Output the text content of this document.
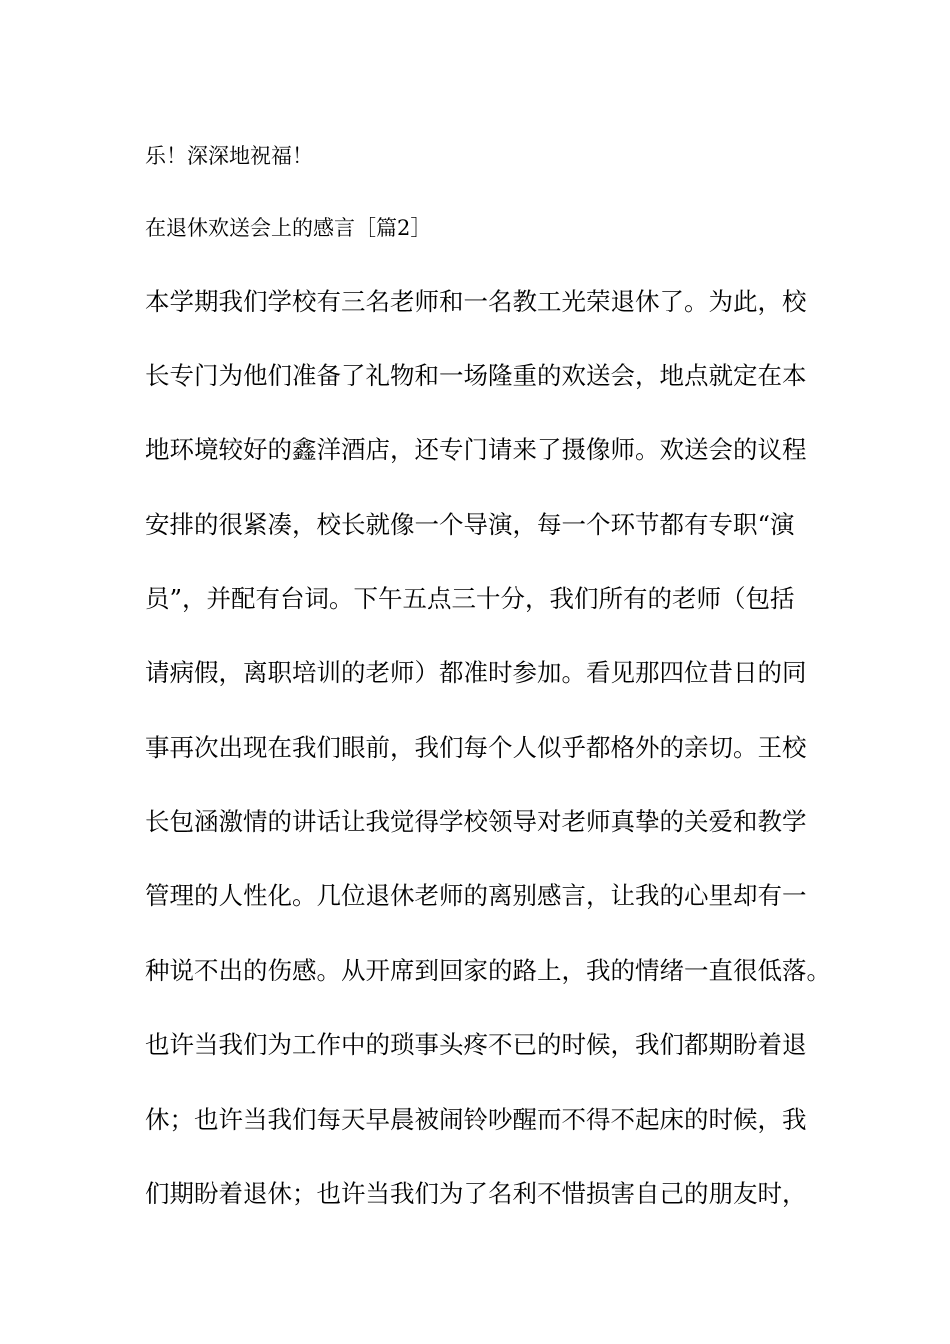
乐！深深地祝福！
在退休欢送会上的感言［篇2］
本学期我们学校有三名老师和一名教工光荣退休了。为此，校
长专门为他们准备了礼物和一场隆重的欢送会，地点就定在本
地环境较好的鑫洋酒店，还专门请来了摄像师。欢送会的议程
安排的很紧凑，校长就像一个导演，每一个环节都有专职“演
员”，并配有台词。下午五点三十分，我们所有的老师（包括
请病假，离职培训的老师）都准时参加。看见那四位昔日的同
事再次出现在我们眼前，我们每个人似乎都格外的亲切。王校
长包涵激情的讲话让我觉得学校领导对老师真挚的关爱和教学
管理的人性化。几位退休老师的离别感言，让我的心里却有一
种说不出的伤感。从开席到回家的路上，我的情绪一直很低落。
也许当我们为工作中的琐事头疼不已的时候，我们都期盼着退
休；也许当我们每天早晨被闹铃吵醒而不得不起床的时候，我
们期盼着退休；也许当我们为了名利不惜损害自己的朋友时，
